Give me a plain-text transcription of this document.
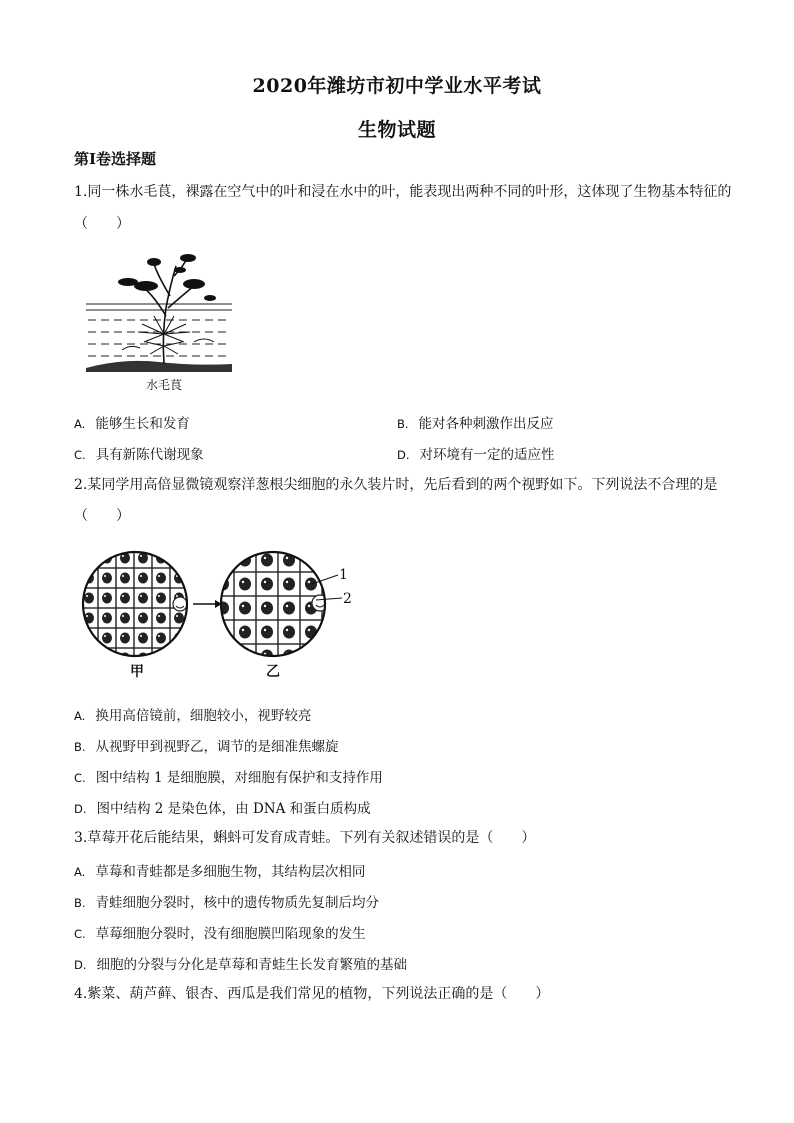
2020年潍坊市初中学业水平考试
生物试题
第Ⅰ卷选择题
1.同一株水毛茛，裸露在空气中的叶和浸在水中的叶，能表现出两种不同的叶形，这体现了生物基本特征的
（　　）
水毛茛
A. 能够生长和发育	B. 能对各种刺激作出反应
C. 具有新陈代谢现象	D. 对环境有一定的适应性
2.某同学用高倍显微镜观察洋葱根尖细胞的永久装片时，先后看到的两个视野如下。下列说法不合理的是
（　　）
1
2
甲	乙
A. 换用高倍镜前，细胞较小，视野较亮
B. 从视野甲到视野乙，调节的是细准焦螺旋
C. 图中结构 1 是细胞膜，对细胞有保护和支持作用
D. 图中结构 2 是染色体，由 DNA 和蛋白质构成
3.草莓开花后能结果，蝌蚪可发育成青蛙。下列有关叙述错误的是（　　）
A. 草莓和青蛙都是多细胞生物，其结构层次相同
B. 青蛙细胞分裂时，核中的遗传物质先复制后均分
C. 草莓细胞分裂时，没有细胞膜凹陷现象的发生
D. 细胞的分裂与分化是草莓和青蛙生长发育繁殖的基础
4.紫菜、葫芦藓、银杏、西瓜是我们常见的植物，下列说法正确的是（　　）
